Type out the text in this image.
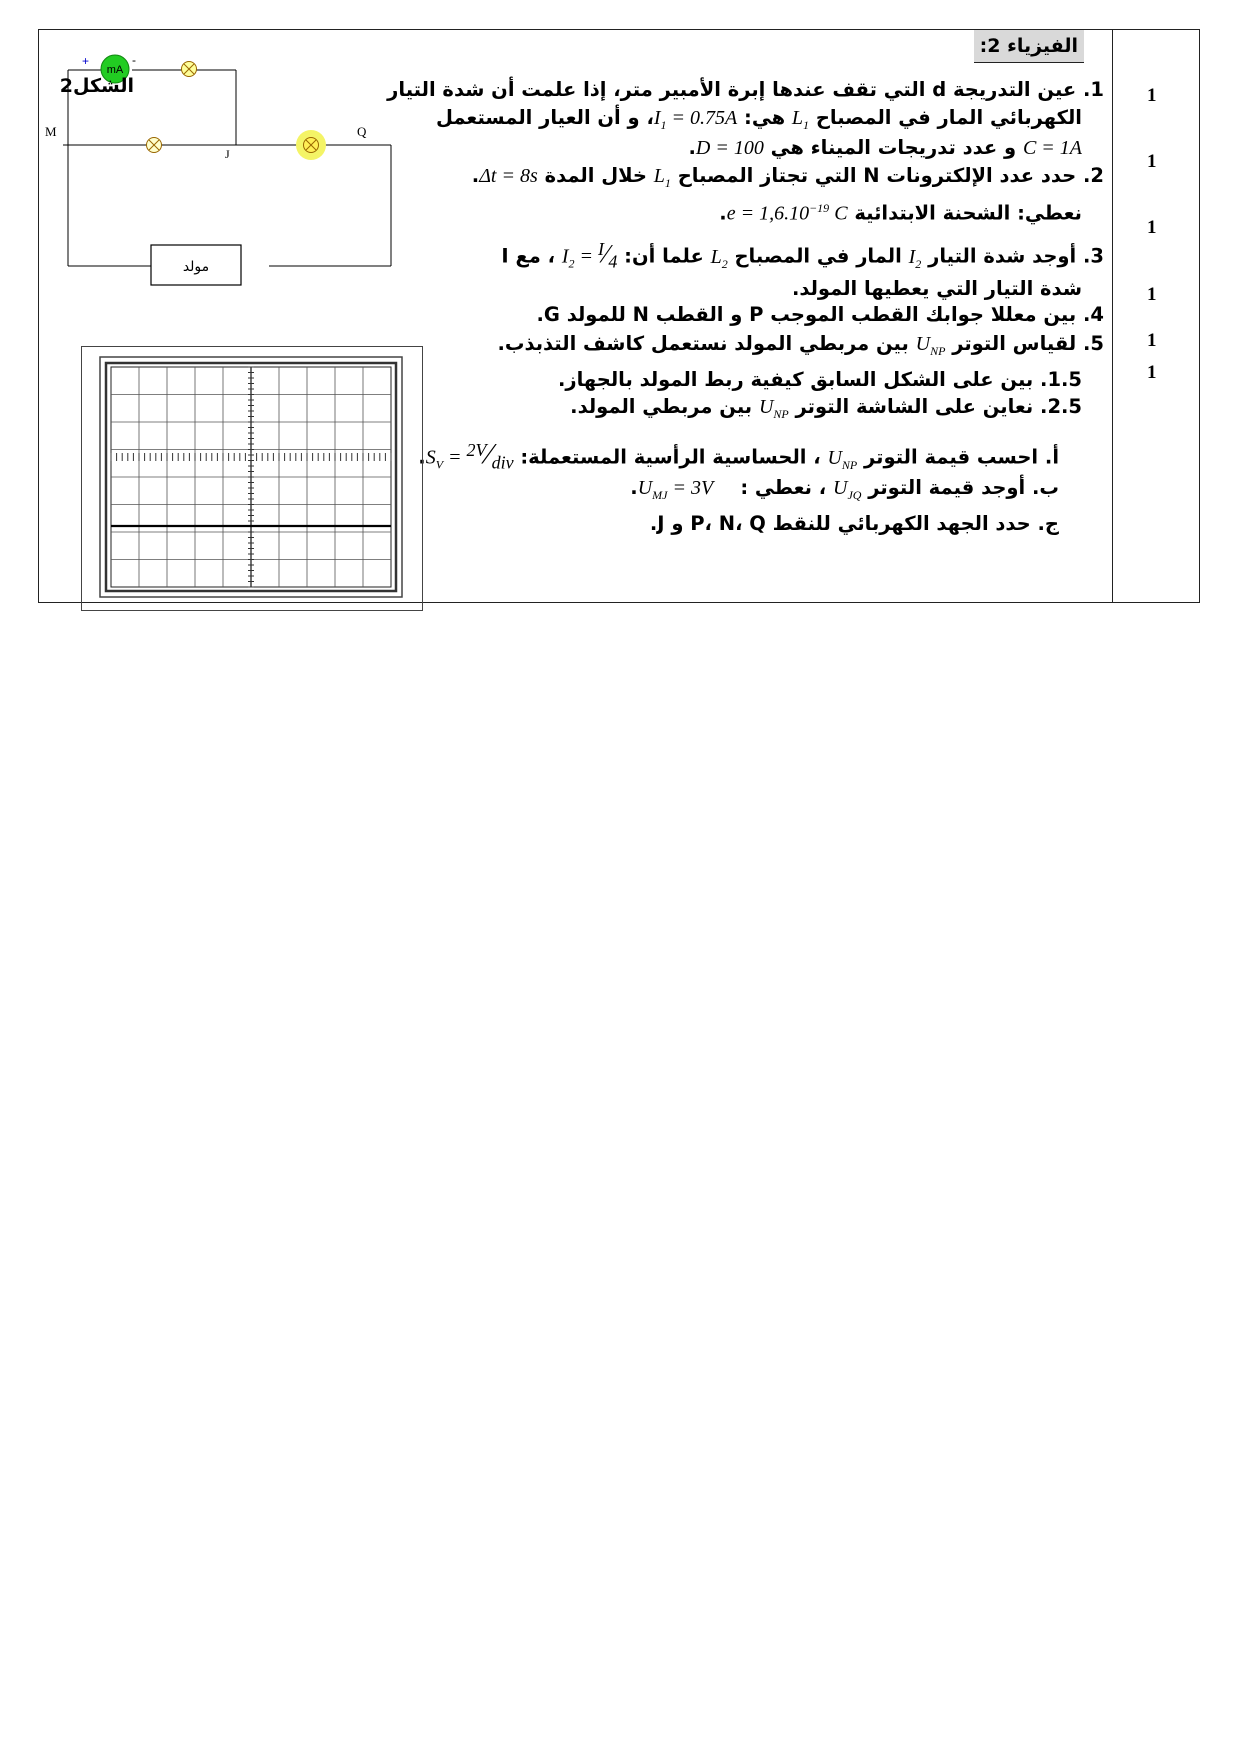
الفيزياء 2:
1
1
1
1
1
1
1. عين التدريجة d التي تقف عندها إبرة الأمبير متر، إذا علمت أن شدة التيار
الكهربائي المار في المصباح $L_1$ هي: $I_1$ = 0.75A، و أن العيار المستعمل
C = 1A و عدد تدريجات الميناء هي D = 100.
2. حدد عدد الإلكترونات N التي تجتاز المصباح $L_1$ خلال المدة Δt = 8s.
نعطي: الشحنة الابتدائية $e = 1,6.10^{-19}$ C.
3. أوجد شدة التيار $I_2$ المار في المصباح $L_2$ علما أن: $I_2$ = $^I⁄_4$ ، مع I
شدة التيار التي يعطيها المولد.
4. بين معللا جوابك القطب الموجب P و القطب N للمولد G.
5. لقياس التوتر $U_{NP}$ بين مربطي المولد نستعمل كاشف التذبذب.
1.5. بين على الشكل السابق كيفية ربط المولد بالجهاز.
2.5. نعاين على الشاشة التوتر $U_{NP}$ بين مربطي المولد.
أ. احسب قيمة التوتر $U_{NP}$ ، الحساسية الرأسية المستعملة: $S_V$ = $^{2V}⁄_{div}$.
ب. أوجد قيمة التوتر $U_{JQ}$ ، نعطي :    $U_{MJ} = 3V$.
ج. حدد الجهد الكهربائي للنقط P، N، Q و J.
mA
+	-
الشكل2
M
J
Q
مولد
